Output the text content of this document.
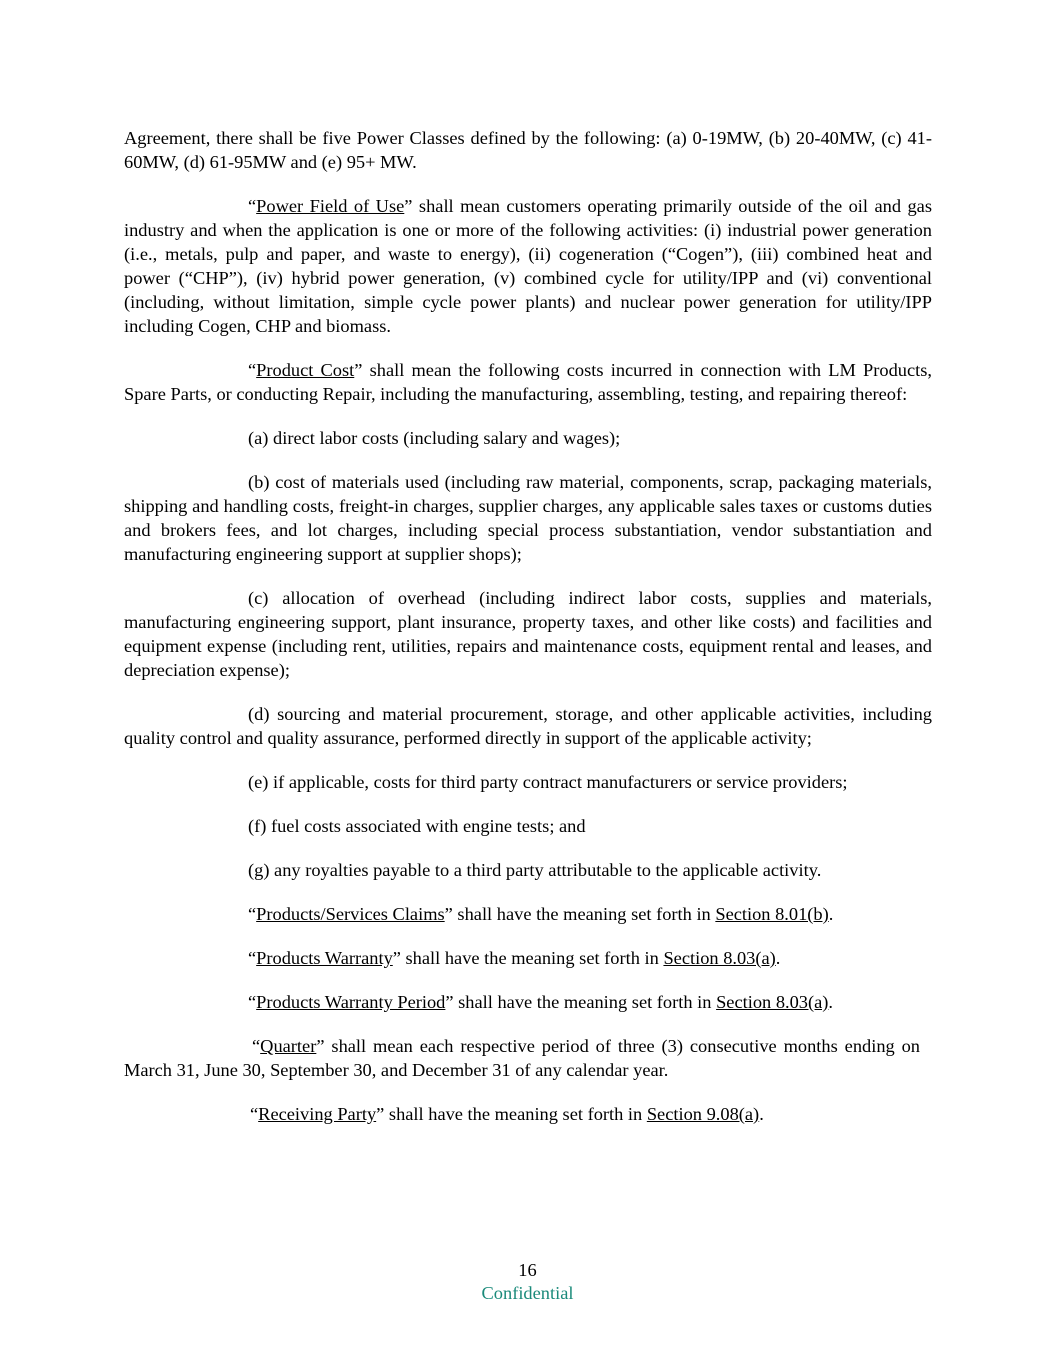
Agreement, there shall be five Power Classes defined by the following: (a) 0-19MW, (b) 20-40MW, (c) 41-60MW, (d) 61-95MW and (e) 95+ MW.

“Power Field of Use” shall mean customers operating primarily outside of the oil and gas industry and when the application is one or more of the following activities: (i) industrial power generation (i.e., metals, pulp and paper, and waste to energy), (ii) cogeneration (“Cogen”), (iii) combined heat and power (“CHP”), (iv) hybrid power generation, (v) combined cycle for utility/IPP and (vi) conventional (including, without limitation, simple cycle power plants) and nuclear power generation for utility/IPP including Cogen, CHP and biomass.

“Product Cost” shall mean the following costs incurred in connection with LM Products, Spare Parts, or conducting Repair, including the manufacturing, assembling, testing, and repairing thereof:

(a) direct labor costs (including salary and wages);

(b) cost of materials used (including raw material, components, scrap, packaging materials, shipping and handling costs, freight-in charges, supplier charges, any applicable sales taxes or customs duties and brokers fees, and lot charges, including special process substantiation, vendor substantiation and manufacturing engineering support at supplier shops);

(c) allocation of overhead (including indirect labor costs, supplies and materials, manufacturing engineering support, plant insurance, property taxes, and other like costs) and facilities and equipment expense (including rent, utilities, repairs and maintenance costs, equipment rental and leases, and depreciation expense);

(d) sourcing and material procurement, storage, and other applicable activities, including quality control and quality assurance, performed directly in support of the applicable activity;

(e) if applicable, costs for third party contract manufacturers or service providers;

(f) fuel costs associated with engine tests; and

(g) any royalties payable to a third party attributable to the applicable activity.

“Products/Services Claims” shall have the meaning set forth in Section 8.01(b).

“Products Warranty” shall have the meaning set forth in Section 8.03(a).

“Products Warranty Period” shall have the meaning set forth in Section 8.03(a).

“Quarter” shall mean each respective period of three (3) consecutive months ending on March 31, June 30, September 30, and December 31 of any calendar year.

“Receiving Party” shall have the meaning set forth in Section 9.08(a).

16
Confidential
